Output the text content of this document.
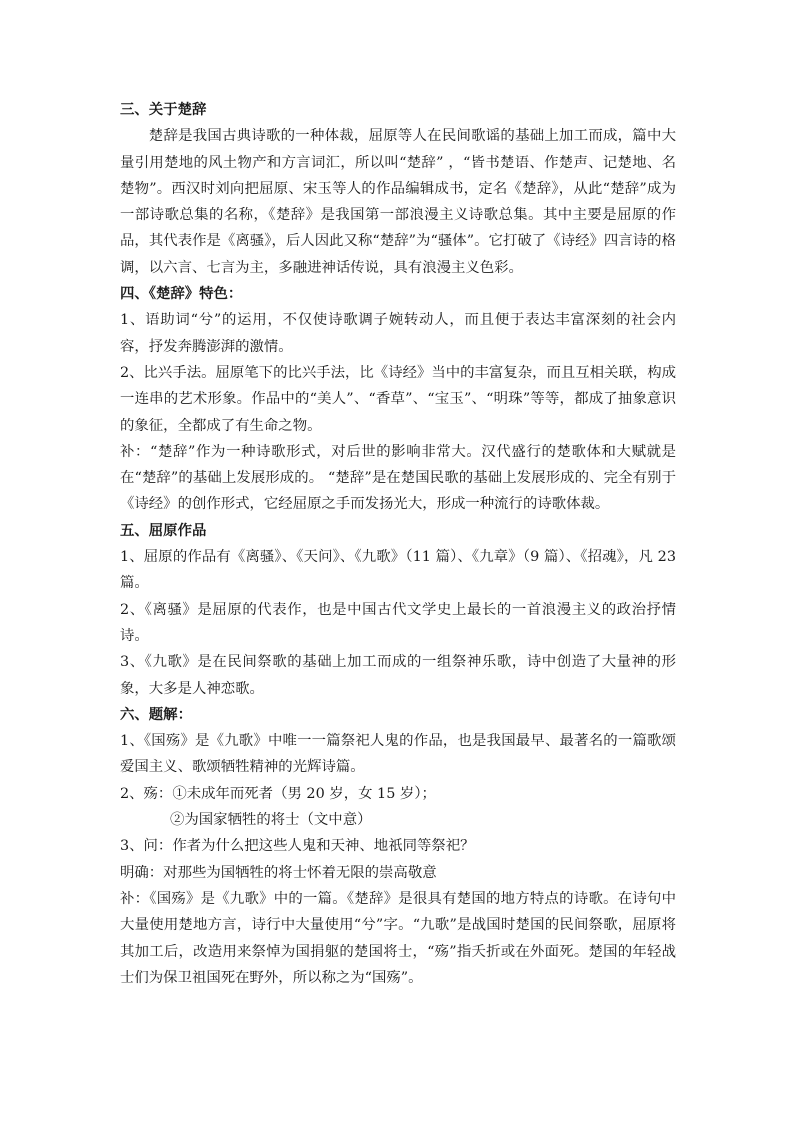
三、关于楚辞

楚辞是我国古典诗歌的一种体裁，屈原等人在民间歌谣的基础上加工而成，篇中大量引用楚地的风土物产和方言词汇，所以叫“楚辞” ，“皆书楚语、作楚声、记楚地、名楚物”。西汉时刘向把屈原、宋玉等人的作品编辑成书，定名《楚辞》，从此“楚辞”成为一部诗歌总集的名称，《楚辞》是我国第一部浪漫主义诗歌总集。其中主要是屈原的作品，其代表作是《离骚》，后人因此又称“楚辞”为“骚体”。它打破了《诗经》四言诗的格调，以六言、七言为主，多融进神话传说，具有浪漫主义色彩。

四、《楚辞》特色：

1、语助词“兮”的运用，不仅使诗歌调子婉转动人，而且便于表达丰富深刻的社会内容，抒发奔腾澎湃的激情。

2、比兴手法。屈原笔下的比兴手法，比《诗经》当中的丰富复杂，而且互相关联，构成一连串的艺术形象。作品中的“美人”、“香草”、“宝玉”、“明珠”等等，都成了抽象意识的象征，全都成了有生命之物。

补：“楚辞”作为一种诗歌形式，对后世的影响非常大。汉代盛行的楚歌体和大赋就是在“楚辞”的基础上发展形成的。 “楚辞”是在楚国民歌的基础上发展形成的、完全有别于《诗经》的创作形式，它经屈原之手而发扬光大，形成一种流行的诗歌体裁。

五、屈原作品

1、屈原的作品有《离骚》、《天问》、《九歌》（11 篇）、《九章》（9 篇）、《招魂》，凡 23 篇。

2、《离骚》是屈原的代表作，也是中国古代文学史上最长的一首浪漫主义的政治抒情诗。

3、《九歌》是在民间祭歌的基础上加工而成的一组祭神乐歌，诗中创造了大量神的形象，大多是人神恋歌。

六、题解：

1、《国殇》是《九歌》中唯一一篇祭祀人鬼的作品，也是我国最早、最著名的一篇歌颂爱国主义、歌颂牺牲精神的光辉诗篇。

2、殇：①未成年而死者（男 20 岁，女 15 岁）；

②为国家牺牲的将士（文中意）

3、问：作者为什么把这些人鬼和天神、地祇同等祭祀？

明确：对那些为国牺牲的将士怀着无限的崇高敬意

补：《国殇》是《九歌》中的一篇。《楚辞》是很具有楚国的地方特点的诗歌。在诗句中大量使用楚地方言，诗行中大量使用“兮”字。“九歌”是战国时楚国的民间祭歌，屈原将其加工后，改造用来祭悼为国捐躯的楚国将士，“殇”指夭折或在外面死。楚国的年轻战士们为保卫祖国死在野外，所以称之为“国殇”。
